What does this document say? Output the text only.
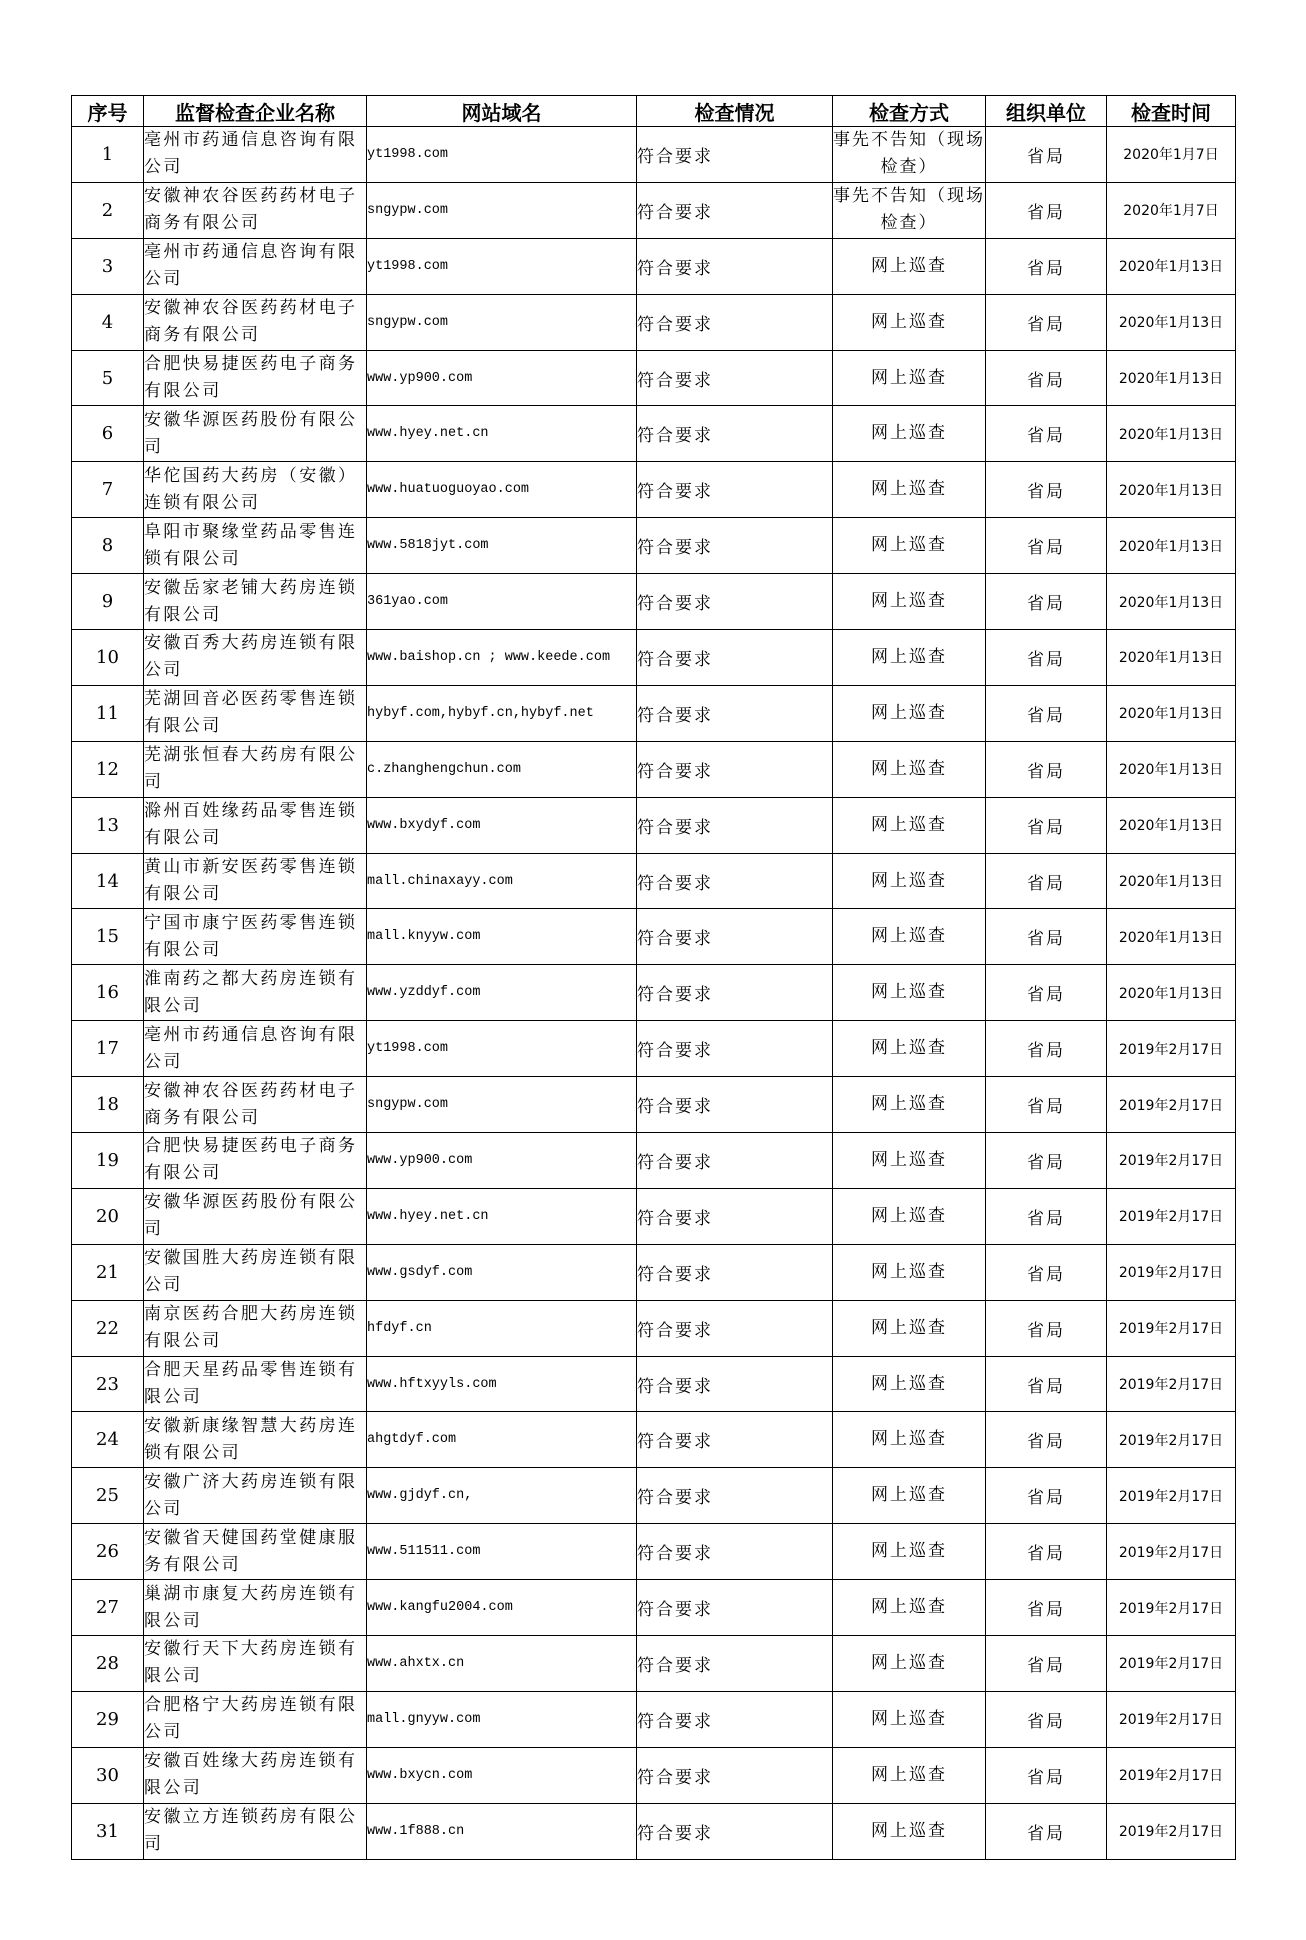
序号	监督检查企业名称	网站域名	检查情况	检查方式	组织单位	检查时间
1	亳州市药通信息咨询有限公司	yt1998.com	符合要求	事先不告知（现场检查）	省局	2020年1月7日
2	安徽神农谷医药药材电子商务有限公司	sngypw.com	符合要求	事先不告知（现场检查）	省局	2020年1月7日
3	亳州市药通信息咨询有限公司	yt1998.com	符合要求	网上巡查	省局	2020年1月13日
4	安徽神农谷医药药材电子商务有限公司	sngypw.com	符合要求	网上巡查	省局	2020年1月13日
5	合肥快易捷医药电子商务有限公司	www.yp900.com	符合要求	网上巡查	省局	2020年1月13日
6	安徽华源医药股份有限公司	www.hyey.net.cn	符合要求	网上巡查	省局	2020年1月13日
7	华佗国药大药房（安徽）连锁有限公司	www.huatuoguoyao.com	符合要求	网上巡查	省局	2020年1月13日
8	阜阳市聚缘堂药品零售连锁有限公司	www.5818jyt.com	符合要求	网上巡查	省局	2020年1月13日
9	安徽岳家老铺大药房连锁有限公司	361yao.com	符合要求	网上巡查	省局	2020年1月13日
10	安徽百秀大药房连锁有限公司	www.baishop.cn ; www.keede.com	符合要求	网上巡查	省局	2020年1月13日
11	芜湖回音必医药零售连锁有限公司	hybyf.com,hybyf.cn,hybyf.net	符合要求	网上巡查	省局	2020年1月13日
12	芜湖张恒春大药房有限公司	c.zhanghengchun.com	符合要求	网上巡查	省局	2020年1月13日
13	滁州百姓缘药品零售连锁有限公司	www.bxydyf.com	符合要求	网上巡查	省局	2020年1月13日
14	黄山市新安医药零售连锁有限公司	mall.chinaxayy.com	符合要求	网上巡查	省局	2020年1月13日
15	宁国市康宁医药零售连锁有限公司	mall.knyyw.com	符合要求	网上巡查	省局	2020年1月13日
16	淮南药之都大药房连锁有限公司	www.yzddyf.com	符合要求	网上巡查	省局	2020年1月13日
17	亳州市药通信息咨询有限公司	yt1998.com	符合要求	网上巡查	省局	2019年2月17日
18	安徽神农谷医药药材电子商务有限公司	sngypw.com	符合要求	网上巡查	省局	2019年2月17日
19	合肥快易捷医药电子商务有限公司	www.yp900.com	符合要求	网上巡查	省局	2019年2月17日
20	安徽华源医药股份有限公司	www.hyey.net.cn	符合要求	网上巡查	省局	2019年2月17日
21	安徽国胜大药房连锁有限公司	www.gsdyf.com	符合要求	网上巡查	省局	2019年2月17日
22	南京医药合肥大药房连锁有限公司	hfdyf.cn	符合要求	网上巡查	省局	2019年2月17日
23	合肥天星药品零售连锁有限公司	www.hftxyyls.com	符合要求	网上巡查	省局	2019年2月17日
24	安徽新康缘智慧大药房连锁有限公司	ahgtdyf.com	符合要求	网上巡查	省局	2019年2月17日
25	安徽广济大药房连锁有限公司	www.gjdyf.cn,	符合要求	网上巡查	省局	2019年2月17日
26	安徽省天健国药堂健康服务有限公司	www.511511.com	符合要求	网上巡查	省局	2019年2月17日
27	巢湖市康复大药房连锁有限公司	www.kangfu2004.com	符合要求	网上巡查	省局	2019年2月17日
28	安徽行天下大药房连锁有限公司	www.ahxtx.cn	符合要求	网上巡查	省局	2019年2月17日
29	合肥格宁大药房连锁有限公司	mall.gnyyw.com	符合要求	网上巡查	省局	2019年2月17日
30	安徽百姓缘大药房连锁有限公司	www.bxycn.com	符合要求	网上巡查	省局	2019年2月17日
31	安徽立方连锁药房有限公司	www.1f888.cn	符合要求	网上巡查	省局	2019年2月17日
